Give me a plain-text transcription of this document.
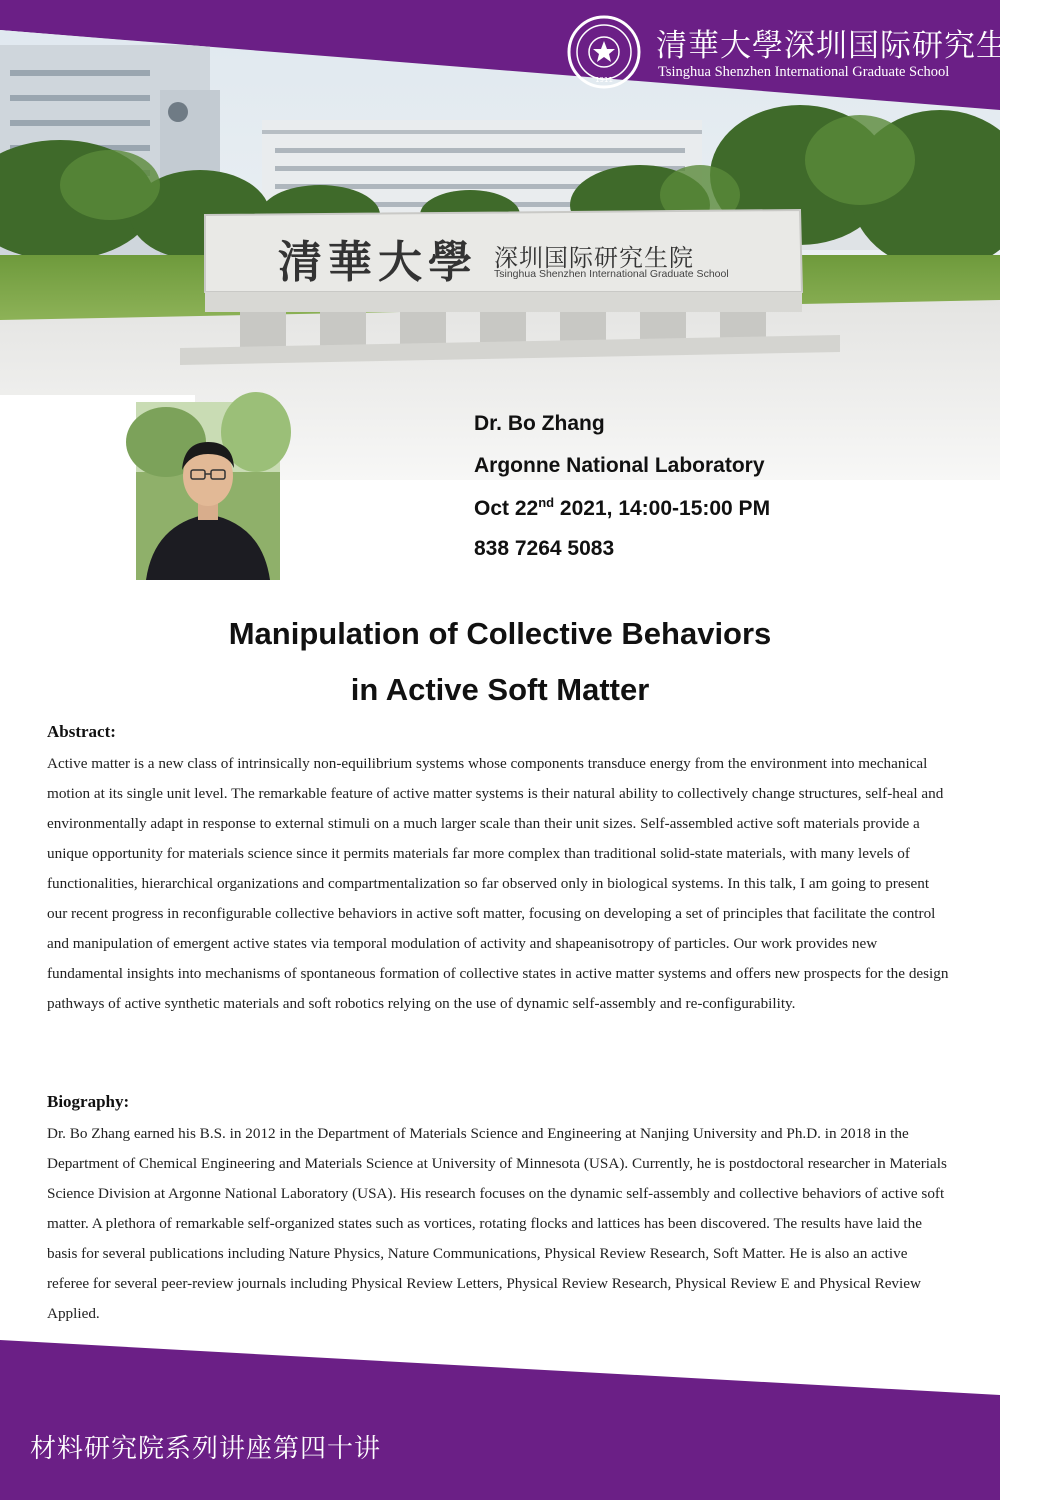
1911
清華大學深圳国际研究生院
Tsinghua Shenzhen International Graduate School
清華大學 深圳国际研究生院
Tsinghua Shenzhen International Graduate School
Dr. Bo Zhang
Argonne National Laboratory
Oct 22nd 2021, 14:00-15:00 PM
838 7264 5083
Manipulation of Collective Behaviors
in Active Soft Matter
Abstract:
Active matter is a new class of intrinsically non-equilibrium systems whose components transduce energy from the environment into mechanical motion at its single unit level. The remarkable feature of active matter systems is their natural ability to collectively change structures, self-heal and environmentally adapt in response to external stimuli on a much larger scale than their unit sizes. Self-assembled active soft materials provide a unique opportunity for materials science since it permits materials far more complex than traditional solid-state materials, with many levels of functionalities, hierarchical organizations and compartmentalization so far observed only in biological systems. In this talk, I am going to present our recent progress in reconfigurable collective behaviors in active soft matter, focusing on developing a set of principles that facilitate the control and manipulation of emergent active states via temporal modulation of activity and shapeanisotropy of particles. Our work provides new fundamental insights into mechanisms of spontaneous formation of collective states in active matter systems and offers new prospects for the design pathways of active synthetic materials and soft robotics relying on the use of dynamic self-assembly and re-configurability.
Biography:
Dr. Bo Zhang earned his B.S. in 2012 in the Department of Materials Science and Engineering at Nanjing University and Ph.D. in 2018 in the Department of Chemical Engineering and Materials Science at University of Minnesota (USA). Currently, he is postdoctoral researcher in Materials Science Division at Argonne National Laboratory (USA). His research focuses on the dynamic self-assembly and collective behaviors of active soft matter. A plethora of remarkable self-organized states such as vortices, rotating flocks and lattices has been discovered. The results have laid the basis for several publications including Nature Physics, Nature Communications, Physical Review Research, Soft Matter. He is also an active referee for several peer-review journals including Physical Review Letters, Physical Review Research, Physical Review E and Physical Review Applied.
材料研究院系列讲座第四十讲
